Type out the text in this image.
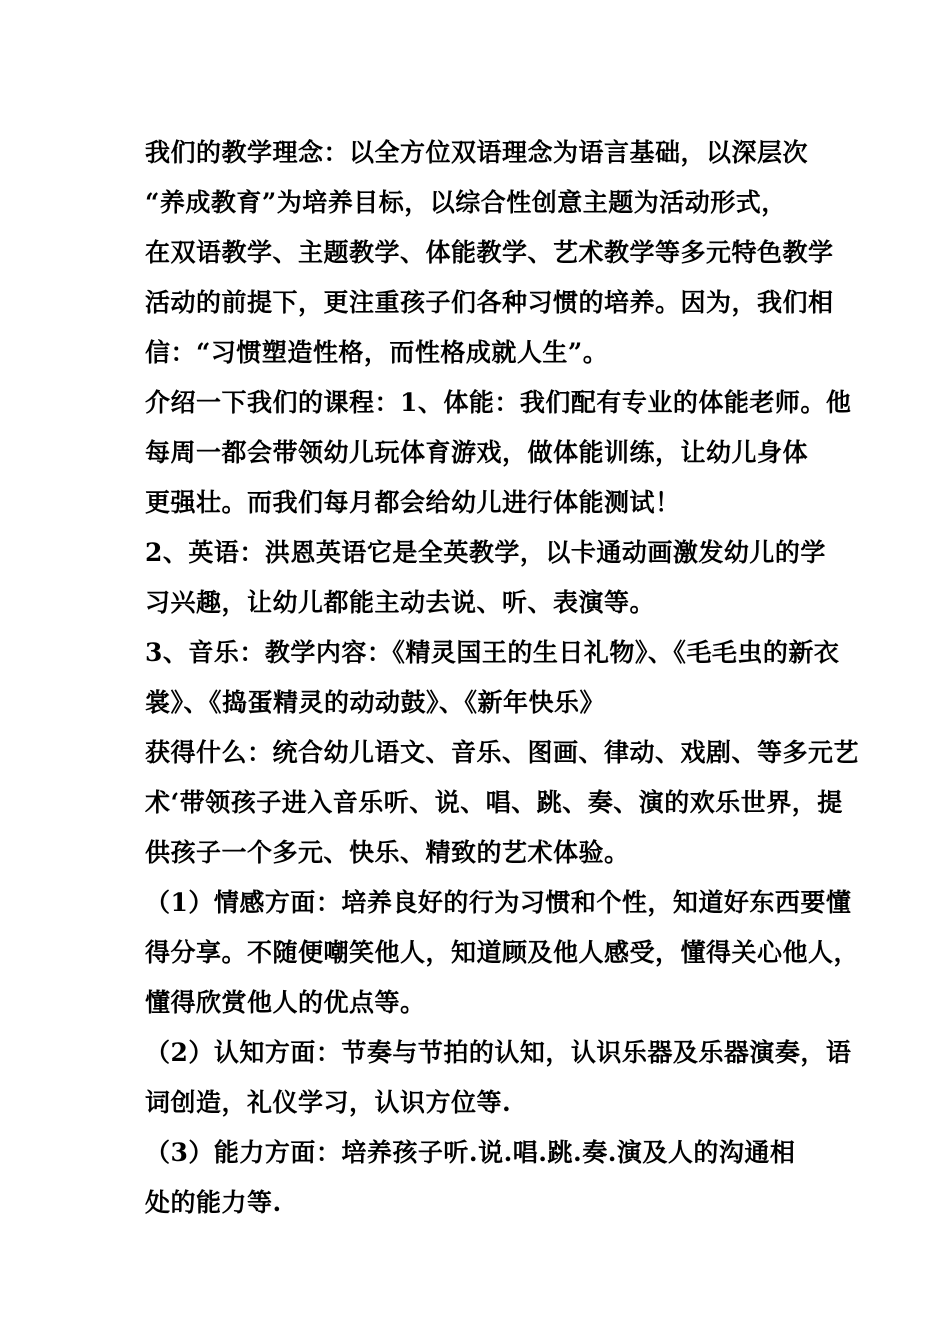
我们的教学理念：以全方位双语理念为语言基础，以深层次
“养成教育”为培养目标，以综合性创意主题为活动形式，
在双语教学、主题教学、体能教学、艺术教学等多元特色教学
活动的前提下，更注重孩子们各种习惯的培养。因为，我们相
信：“习惯塑造性格，而性格成就人生”。
介绍一下我们的课程：1、体能：我们配有专业的体能老师。他
每周一都会带领幼儿玩体育游戏，做体能训练，让幼儿身体
更强壮。而我们每月都会给幼儿进行体能测试！
2、英语：洪恩英语它是全英教学，以卡通动画激发幼儿的学
习兴趣，让幼儿都能主动去说、听、表演等。
3、音乐：教学内容：《精灵国王的生日礼物》、《毛毛虫的新衣
裳》、《捣蛋精灵的动动鼓》、《新年快乐》
获得什么：统合幼儿语文、音乐、图画、律动、戏剧、等多元艺
术‘带领孩子进入音乐听、说、唱、跳、奏、演的欢乐世界，提
供孩子一个多元、快乐、精致的艺术体验。
（1）情感方面：培养良好的行为习惯和个性，知道好东西要懂
得分享。不随便嘲笑他人，知道顾及他人感受，懂得关心他人，
懂得欣赏他人的优点等。
（2）认知方面：节奏与节拍的认知，认识乐器及乐器演奏，语
词创造，礼仪学习，认识方位等.
（3）能力方面：培养孩子听.说.唱.跳.奏.演及人的沟通相
处的能力等.
